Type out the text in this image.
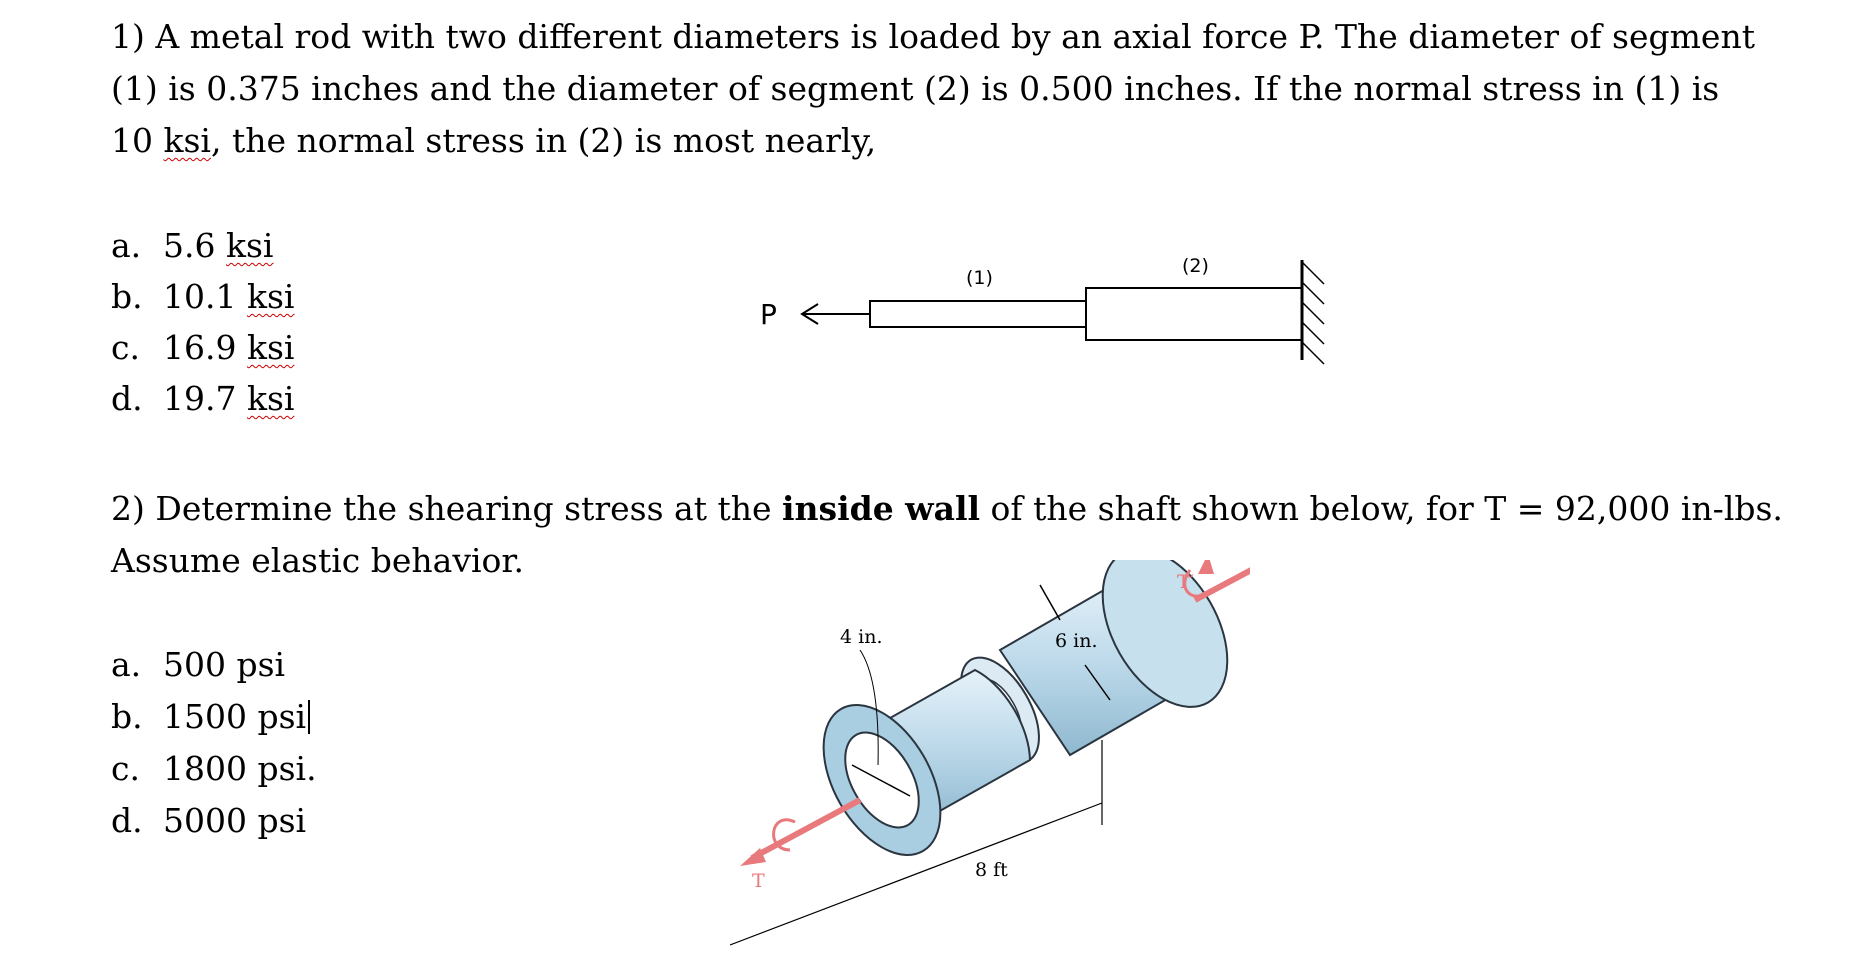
1) A metal rod with two different diameters is loaded by an axial force P. The diameter of segment
(1) is 0.375 inches and the diameter of segment (2) is 0.500 inches. If the normal stress in (1) is
10 ksi, the normal stress in (2) is most nearly,
a. 5.6 ksi
b. 10.1 ksi
c. 16.9 ksi
d. 19.7 ksi
P
(1)
(2)
2) Determine the shearing stress at the inside wall of the shaft shown below, for T = 92,000 in-lbs.
Assume elastic behavior.
a. 500 psi
b. 1500 psi
c. 1800 psi.
d. 5000 psi
4 in.	6 in.
8 ft
T
T′
